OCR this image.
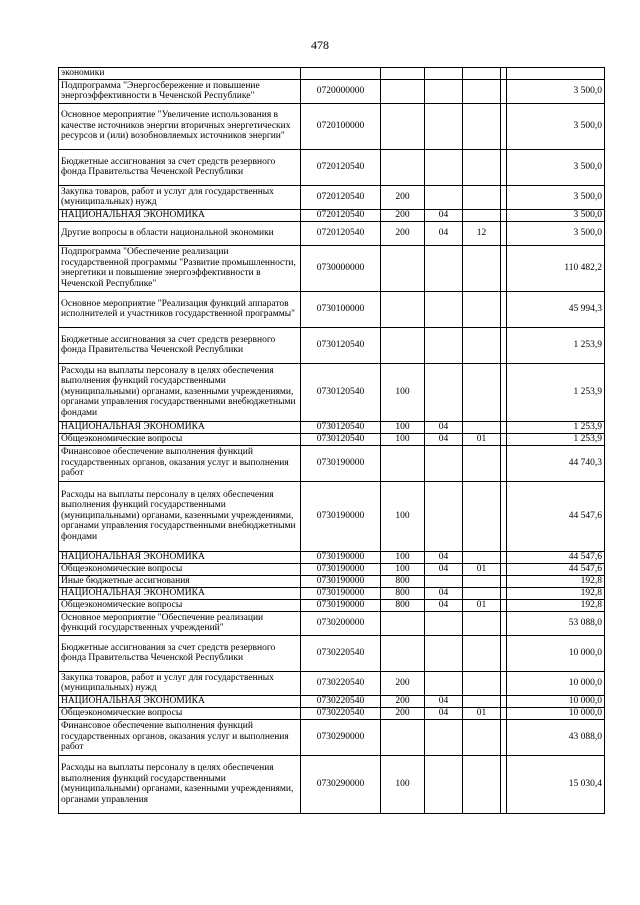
478
экономики						
Подпрограмма "Энергосбережение и повышение энергоэффективности в Чеченской Республике"	0720000000					3 500,0
Основное мероприятие "Увеличение использования в качестве источников энергии вторичных энергетических ресурсов и (или) возобновляемых источников энергии"	0720100000					3 500,0
Бюджетные ассигнования за счет средств резервного фонда Правительства Чеченской Республики	0720120540					3 500,0
Закупка товаров, работ и услуг для государственных (муниципальных) нужд	0720120540	200				3 500,0
НАЦИОНАЛЬНАЯ ЭКОНОМИКА	0720120540	200	04			3 500,0
Другие вопросы в области национальной экономики	0720120540	200	04	12		3 500,0
Подпрограмма "Обеспечение реализации государственной программы "Развитие промышленности, энергетики и повышение энергоэффективности в Чеченской Республике"	0730000000					110 482,2
Основное мероприятие "Реализация функций аппаратов исполнителей и участников государственной программы"	0730100000					45 994,3
Бюджетные ассигнования за счет средств резервного фонда Правительства Чеченской Республики	0730120540					1 253,9
Расходы на выплаты персоналу в целях обеспечения выполнения функций государственными (муниципальными) органами, казенными учреждениями, органами управления государственными внебюджетными фондами	0730120540	100				1 253,9
НАЦИОНАЛЬНАЯ ЭКОНОМИКА	0730120540	100	04			1 253,9
Общеэкономические вопросы	0730120540	100	04	01		1 253,9
Финансовое обеспечение выполнения функций государственных органов, оказания услуг и выполнения работ	0730190000					44 740,3
Расходы на выплаты персоналу в целях обеспечения выполнения функций государственными (муниципальными) органами, казенными учреждениями, органами управления государственными внебюджетными фондами	0730190000	100				44 547,6
НАЦИОНАЛЬНАЯ ЭКОНОМИКА	0730190000	100	04			44 547,6
Общеэкономические вопросы	0730190000	100	04	01		44 547,6
Иные бюджетные ассигнования	0730190000	800				192,8
НАЦИОНАЛЬНАЯ ЭКОНОМИКА	0730190000	800	04			192,8
Общеэкономические вопросы	0730190000	800	04	01		192,8
Основное мероприятие "Обеспечение реализации функций государственных учреждений"	0730200000					53 088,0
Бюджетные ассигнования за счет средств резервного фонда Правительства Чеченской Республики	0730220540					10 000,0
Закупка товаров, работ и услуг для государственных (муниципальных) нужд	0730220540	200				10 000,0
НАЦИОНАЛЬНАЯ ЭКОНОМИКА	0730220540	200	04			10 000,0
Общеэкономические вопросы	0730220540	200	04	01		10 000,0
Финансовое обеспечение выполнения функций государственных органов, оказания услуг и выполнения работ	0730290000					43 088,0
Расходы на выплаты персоналу в целях обеспечения выполнения функций государственными (муниципальными) органами, казенными учреждениями, органами управления	0730290000	100				15 030,4
